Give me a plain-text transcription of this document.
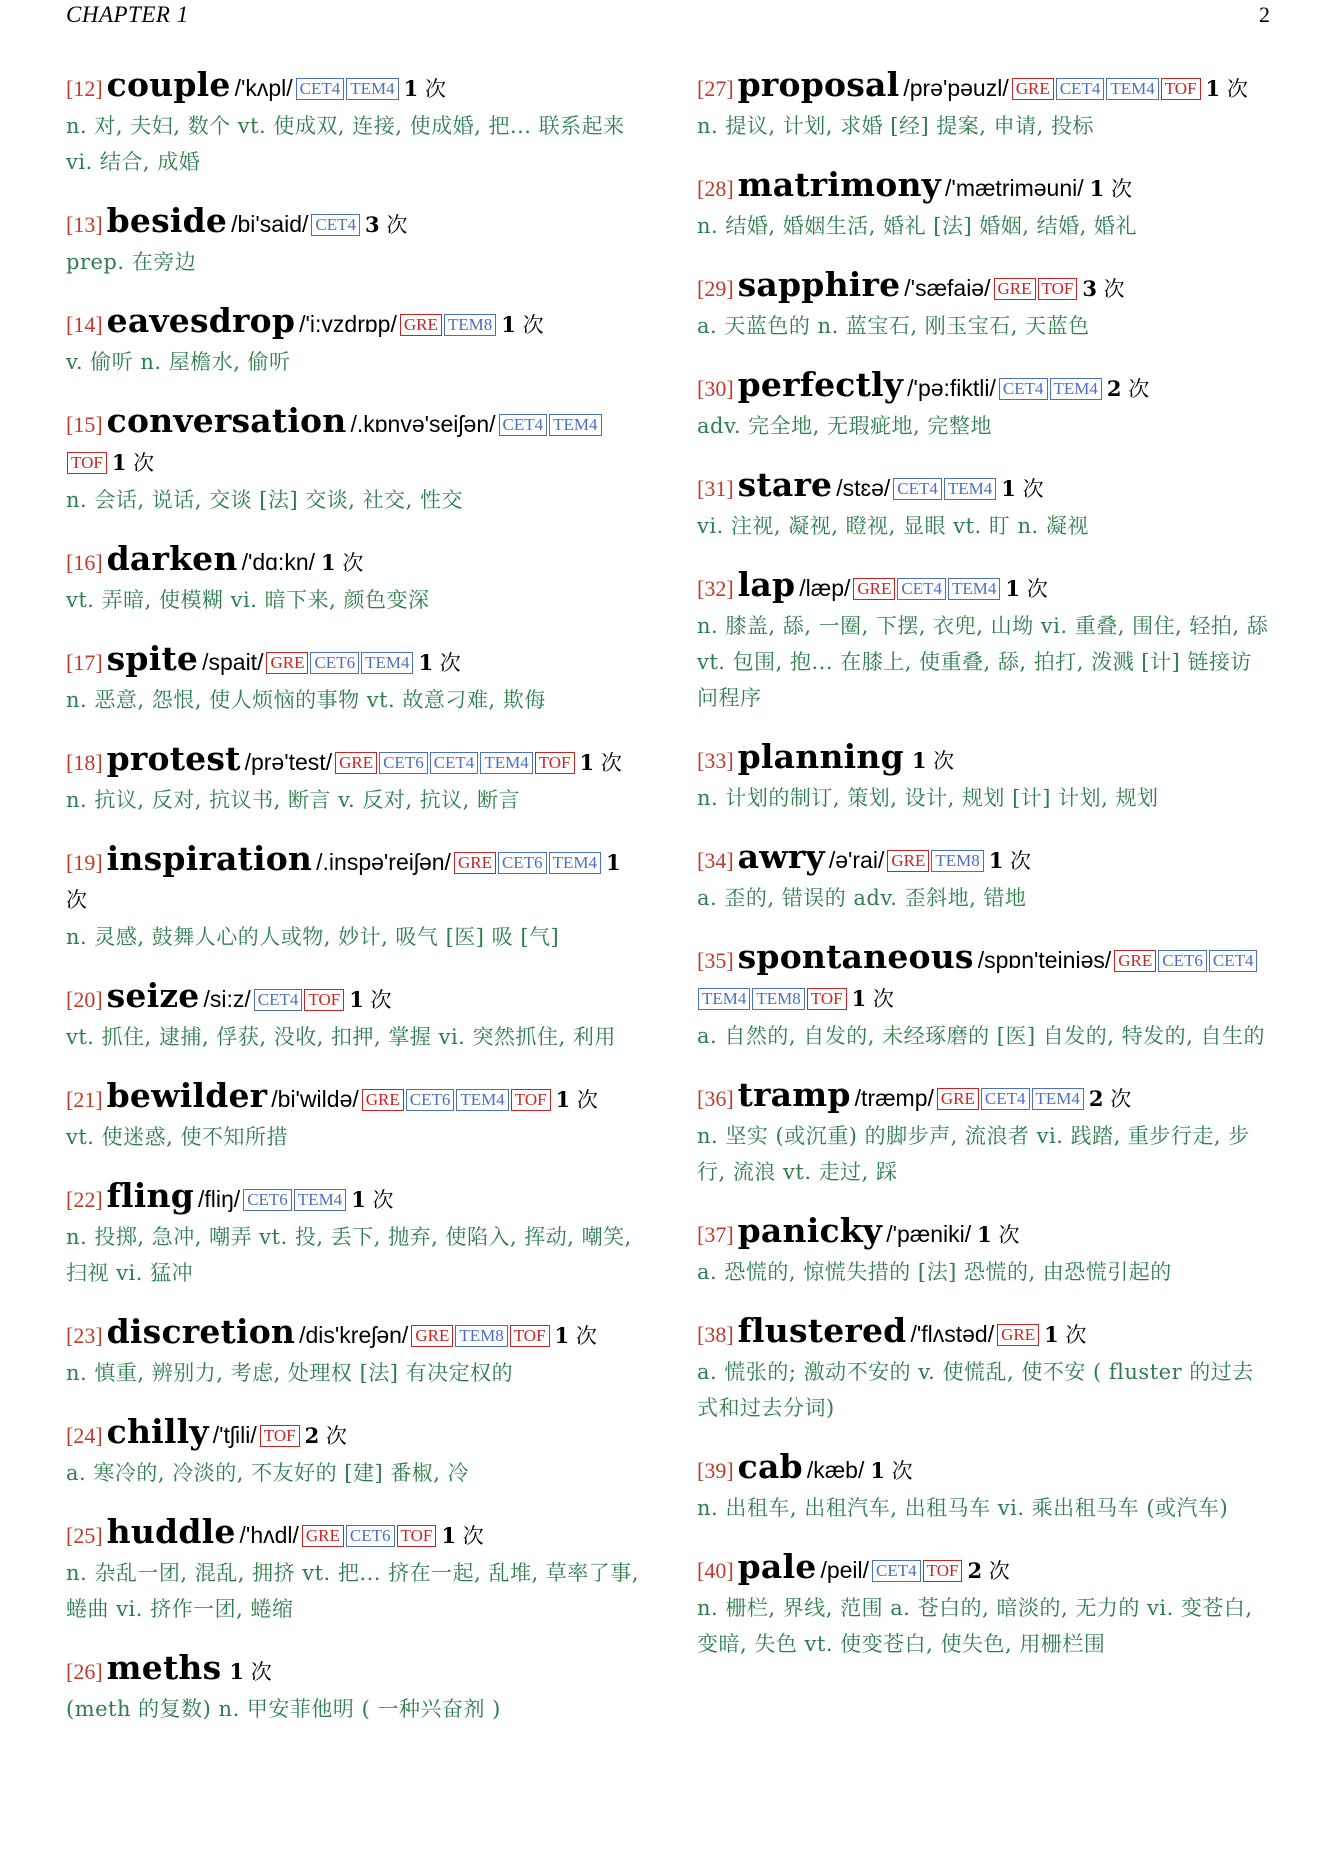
CHAPTER 1	2
[12] couple /'kʌpl/ CET4 TEM4 1 次
n. 对, 夫妇, 数个 vt. 使成双, 连接, 使成婚, 把... 联系起来 vi. 结合, 成婚
[13] beside /bi'said/ CET4 3 次
prep. 在旁边
[14] eavesdrop /'i:vzdrɒp/ GRE TEM8 1 次
v. 偷听 n. 屋檐水, 偷听
[15] conversation /.kɒnvə'seiʃən/ CET4 TEM4TOF 1 次
n. 会话, 说话, 交谈 [法] 交谈, 社交, 性交
[16] darken /'dɑ:kn/ 1 次
vt. 弄暗, 使模糊 vi. 暗下来, 颜色变深
[17] spite /spait/ GRE CET6 TEM4 1 次
n. 恶意, 怨恨, 使人烦恼的事物 vt. 故意刁难, 欺侮
[18] protest /prə'test/ GRE CET6 CET4 TEM4 TOF 1 次
n. 抗议, 反对, 抗议书, 断言 v. 反对, 抗议, 断言
[19] inspiration /.inspə'reiʃən/ GRE CET6 TEM4 1 次
n. 灵感, 鼓舞人心的人或物, 妙计, 吸气 [医] 吸 [气]
[20] seize /si:z/ CET4 TOF 1 次
vt. 抓住, 逮捕, 俘获, 没收, 扣押, 掌握 vi. 突然抓住, 利用
[21] bewilder /bi'wildə/ GRE CET6 TEM4 TOF 1 次
vt. 使迷惑, 使不知所措
[22] fling /fliŋ/ CET6 TEM4 1 次
n. 投掷, 急冲, 嘲弄 vt. 投, 丢下, 抛弃, 使陷入, 挥动, 嘲笑, 扫视 vi. 猛冲
[23] discretion /dis'kreʃən/ GRE TEM8 TOF 1 次
n. 慎重, 辨别力, 考虑, 处理权 [法] 有决定权的
[24] chilly /'tʃili/ TOF 2 次
a. 寒冷的, 冷淡的, 不友好的 [建] 番椒, 冷
[25] huddle /'hʌdl/ GRE CET6 TOF 1 次
n. 杂乱一团, 混乱, 拥挤 vt. 把... 挤在一起, 乱堆, 草率了事, 蜷曲 vi. 挤作一团, 蜷缩
[26] meths 1 次
(meth 的复数) n. 甲安菲他明 ( 一种兴奋剂 )
[27] proposal /prə'pəuzl/ GRE CET4 TEM4 TOF 1 次
n. 提议, 计划, 求婚 [经] 提案, 申请, 投标
[28] matrimony /'mætriməuni/ 1 次
n. 结婚, 婚姻生活, 婚礼 [法] 婚姻, 结婚, 婚礼
[29] sapphire /'sæfaiə/ GRE TOF 3 次
a. 天蓝色的 n. 蓝宝石, 刚玉宝石, 天蓝色
[30] perfectly /'pə:fiktli/ CET4 TEM4 2 次
adv. 完全地, 无瑕疵地, 完整地
[31] stare /stɛə/ CET4 TEM4 1 次
vi. 注视, 凝视, 瞪视, 显眼 vt. 盯 n. 凝视
[32] lap /læp/ GRE CET4 TEM4 1 次
n. 膝盖, 舔, 一圈, 下摆, 衣兜, 山坳 vi. 重叠, 围住, 轻拍, 舔 vt. 包围, 抱... 在膝上, 使重叠, 舔, 拍打, 泼溅 [计] 链接访问程序
[33] planning 1 次
n. 计划的制订, 策划, 设计, 规划 [计] 计划, 规划
[34] awry /ə'rai/ GRE TEM8 1 次
a. 歪的, 错误的 adv. 歪斜地, 错地
[35] spontaneous /spɒn'teiniəs/ GRE CET6 CET4TEM4 TEM8 TOF 1 次
a. 自然的, 自发的, 未经琢磨的 [医] 自发的, 特发的, 自生的
[36] tramp /træmp/ GRE CET4 TEM4 2 次
n. 坚实 (或沉重) 的脚步声, 流浪者 vi. 践踏, 重步行走, 步行, 流浪 vt. 走过, 踩
[37] panicky /'pæniki/ 1 次
a. 恐慌的, 惊慌失措的 [法] 恐慌的, 由恐慌引起的
[38] flustered /'flʌstəd/ GRE 1 次
a. 慌张的; 激动不安的 v. 使慌乱, 使不安 ( fluster 的过去式和过去分词)
[39] cab /kæb/ 1 次
n. 出租车, 出租汽车, 出租马车 vi. 乘出租马车 (或汽车)
[40] pale /peil/ CET4 TOF 2 次
n. 栅栏, 界线, 范围 a. 苍白的, 暗淡的, 无力的 vi. 变苍白, 变暗, 失色 vt. 使变苍白, 使失色, 用栅栏围
